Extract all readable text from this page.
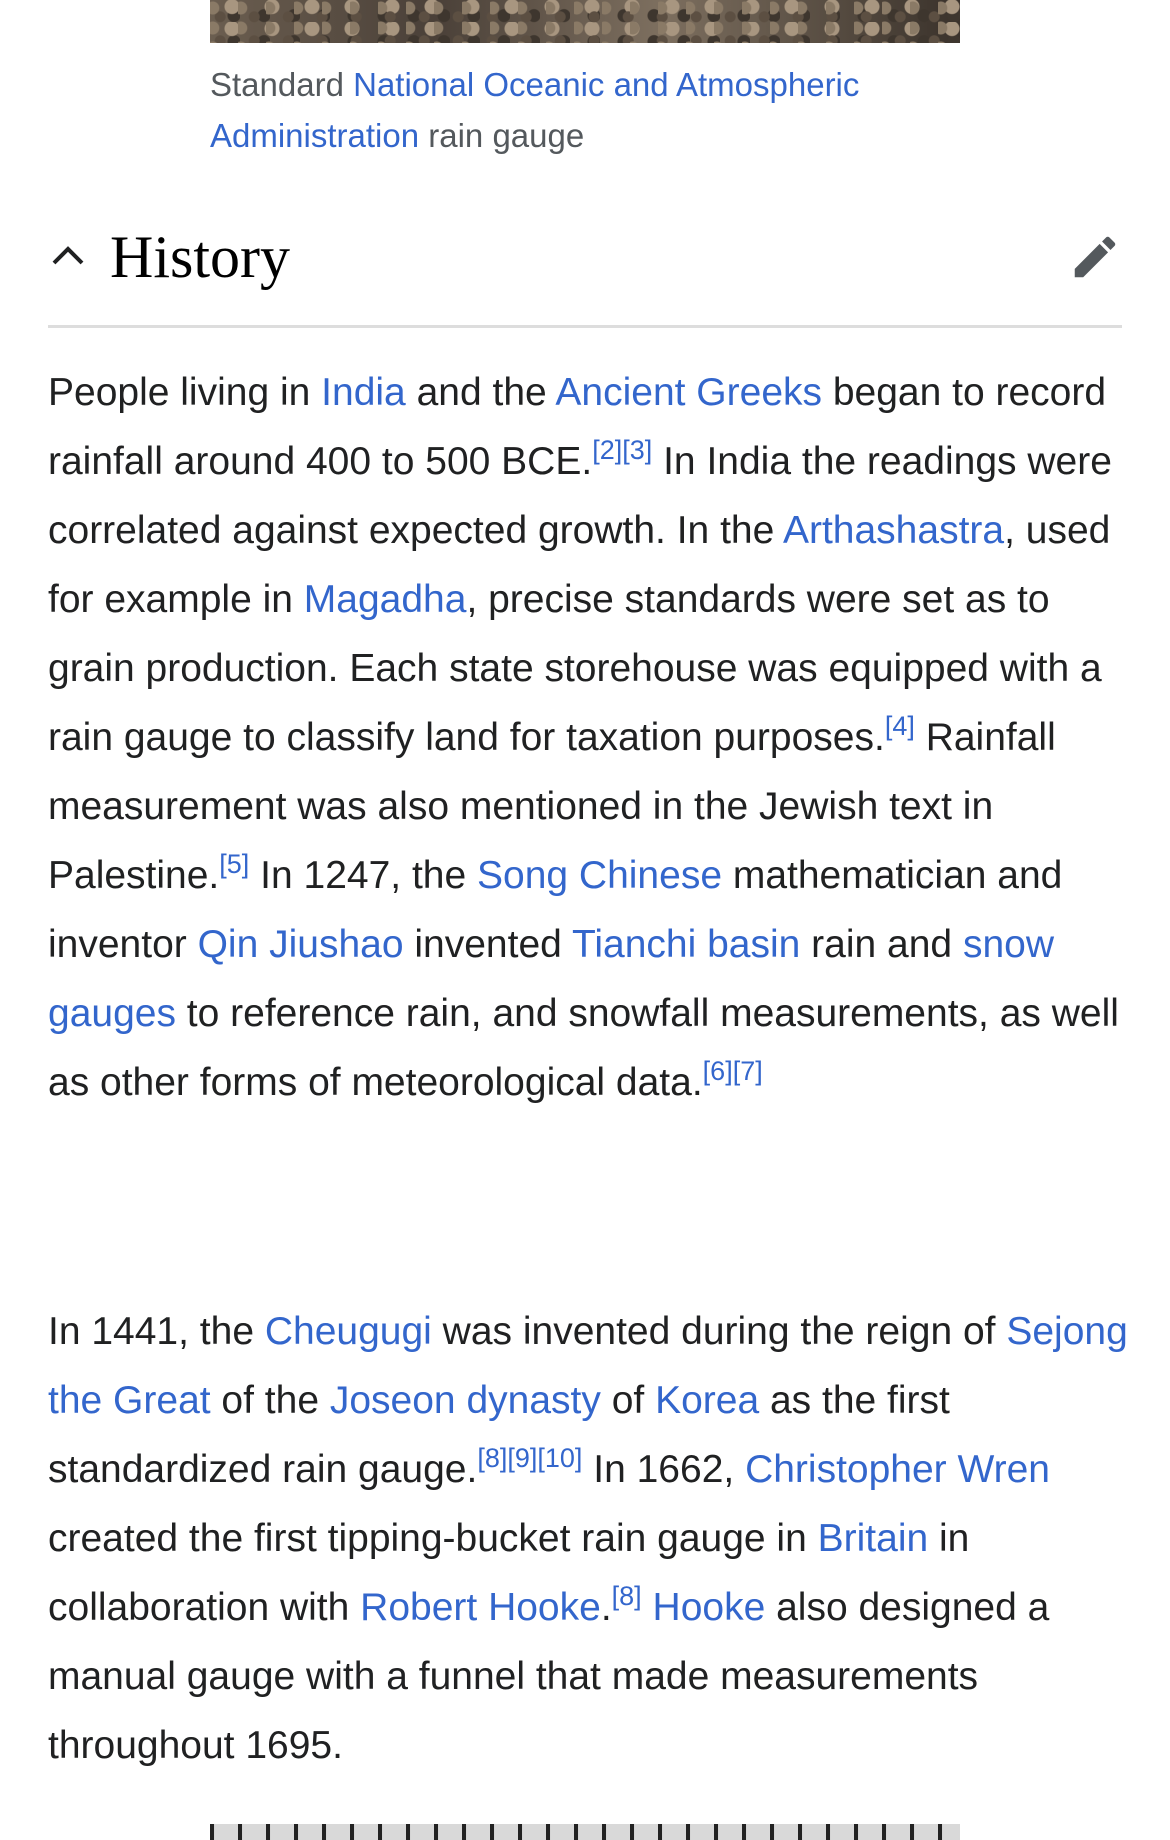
Standard National Oceanic and Atmospheric Administration rain gauge
History

People living in India and the Ancient Greeks began to record rainfall around 400 to 500 BCE.[2][3] In India the readings were correlated against expected growth. In the Arthashastra, used for example in Magadha, precise standards were set as to grain production. Each state storehouse was equipped with a rain gauge to classify land for taxation purposes.[4] Rainfall measurement was also mentioned in the Jewish text in Palestine.[5] In 1247, the Song Chinese mathematician and inventor Qin Jiushao invented Tianchi basin rain and snow gauges to reference rain, and snowfall measurements, as well as other forms of meteorological data.[6][7]

In 1441, the Cheugugi was invented during the reign of Sejong the Great of the Joseon dynasty of Korea as the first standardized rain gauge.[8][9][10] In 1662, Christopher Wren created the first tipping-bucket rain gauge in Britain in collaboration with Robert Hooke.[8] Hooke also designed a manual gauge with a funnel that made measurements throughout 1695.
